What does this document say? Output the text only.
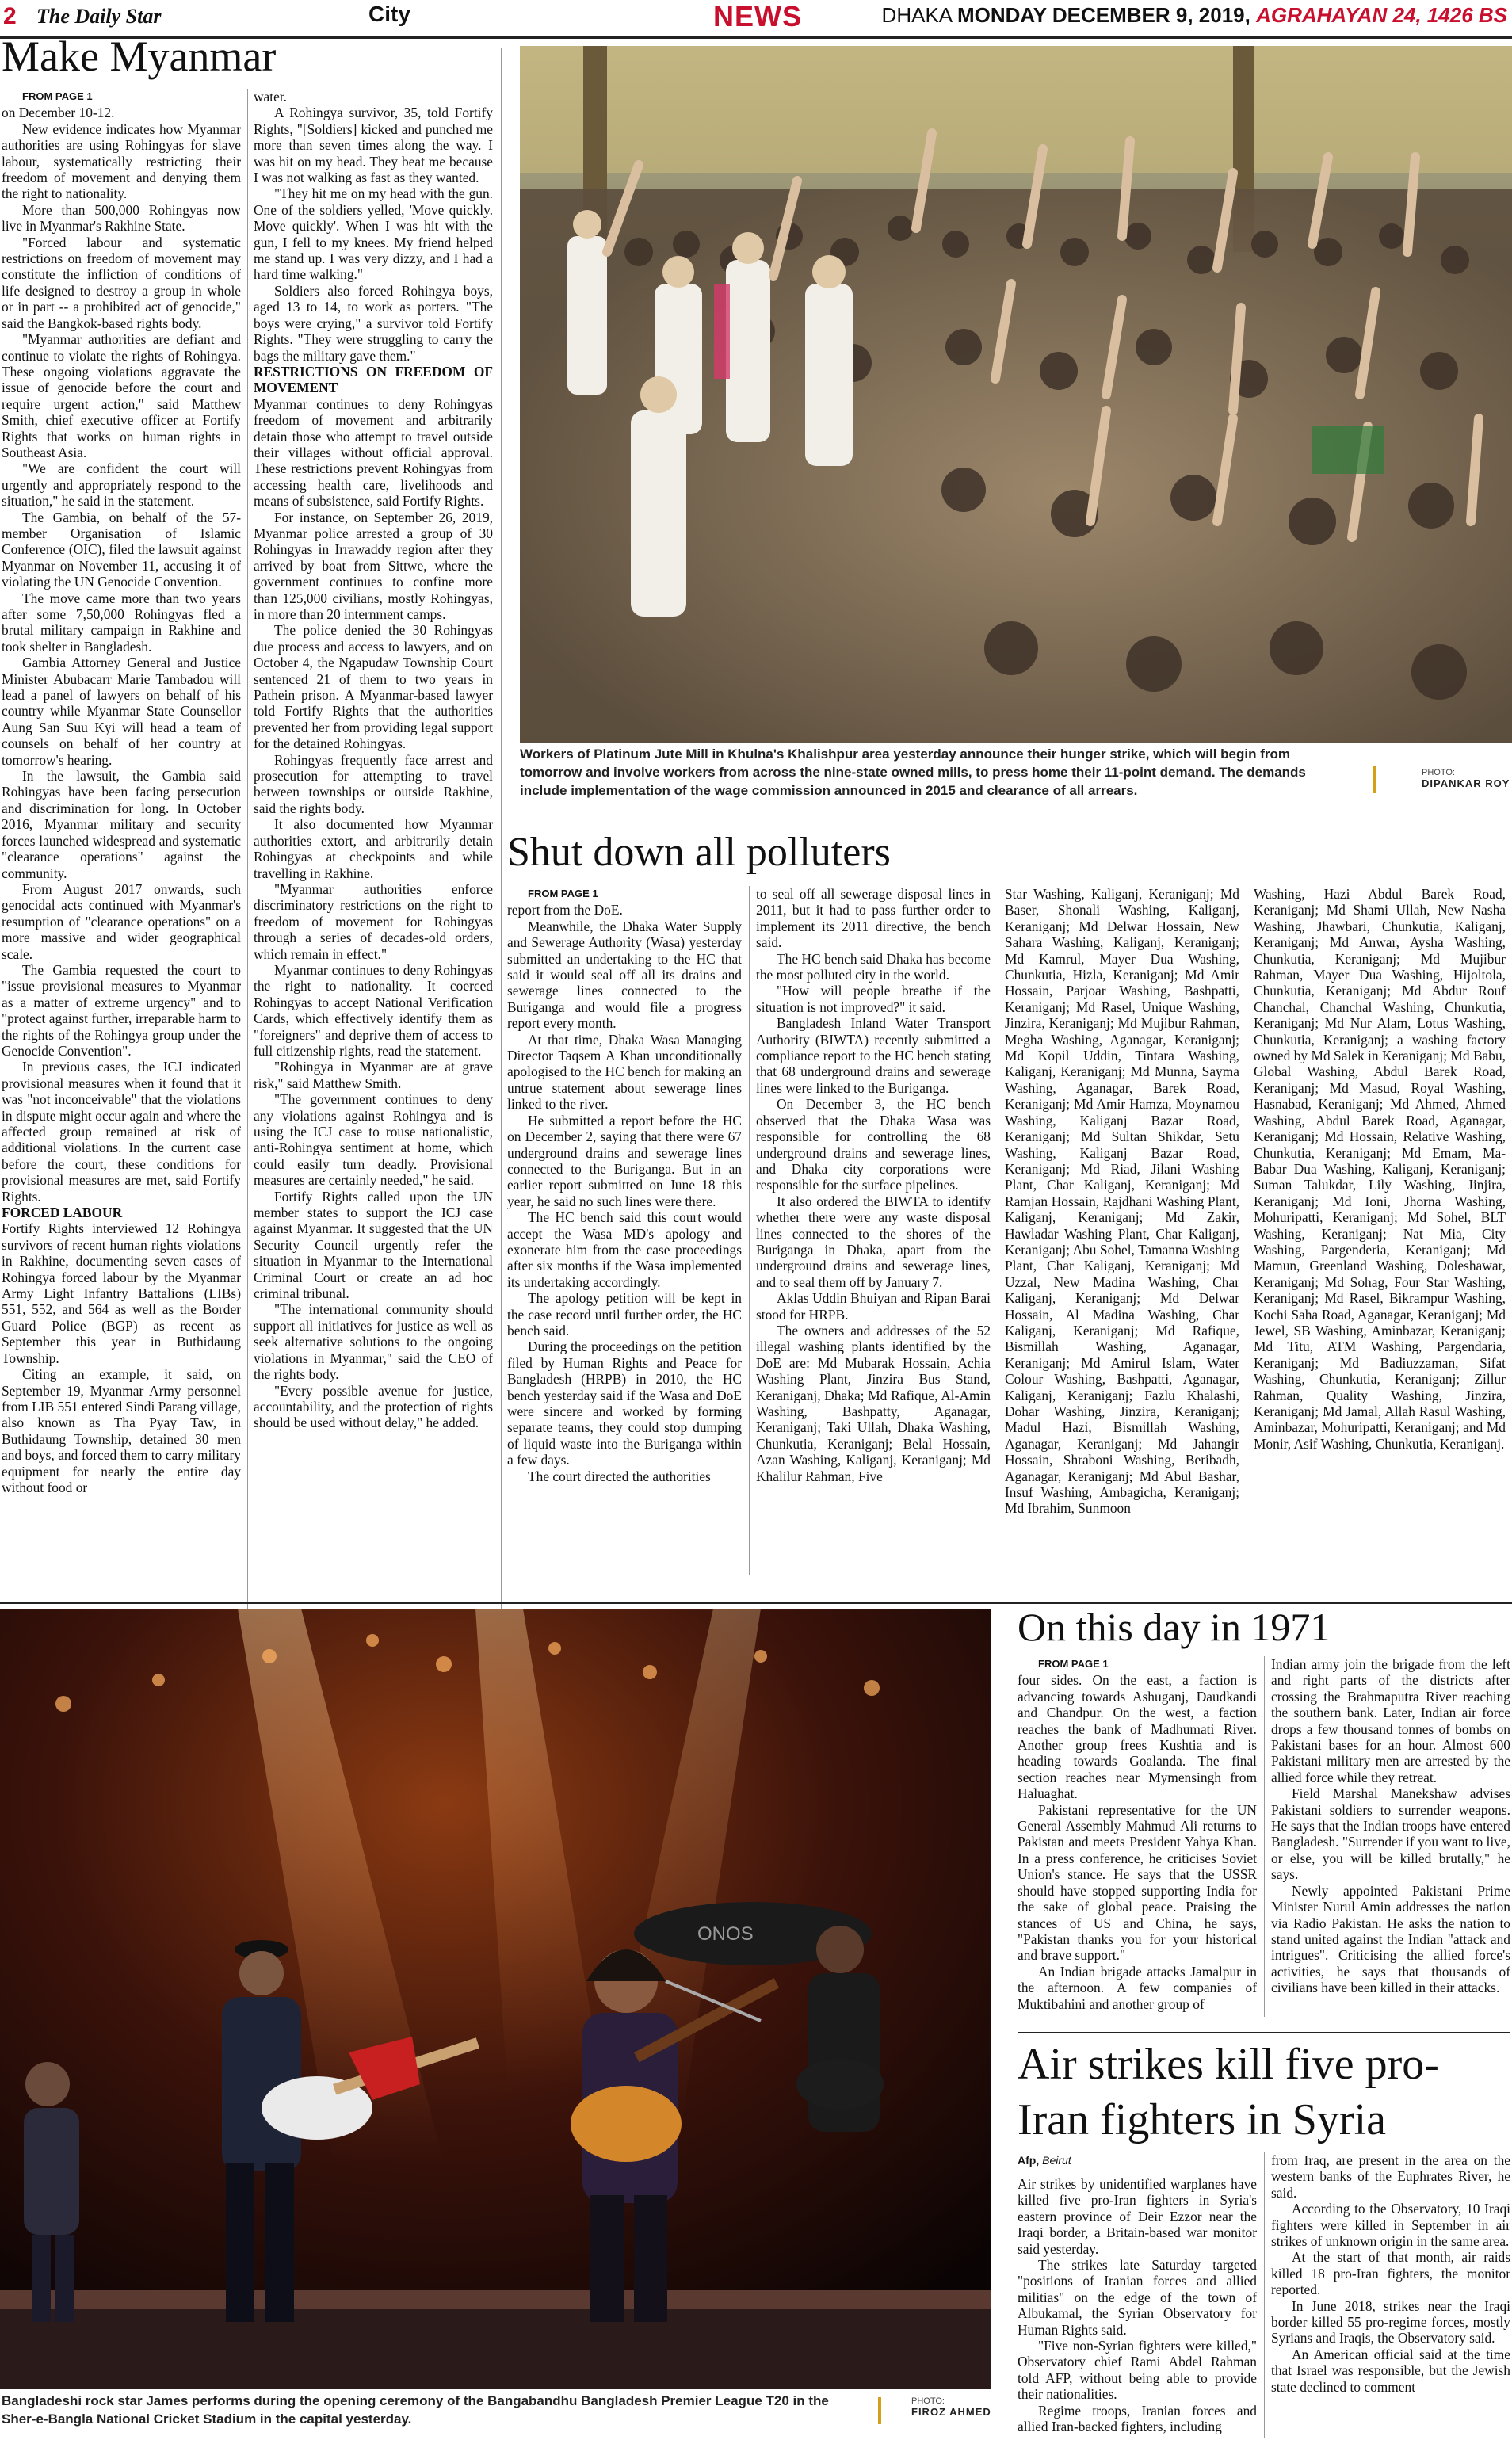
2 The Daily Star	City	NEWS	DHAKA MONDAY DECEMBER 9, 2019, AGRAHAYAN 24, 1426 BS
Make Myanmar

FROM PAGE 1

on December 10-12.

New evidence indicates how Myanmar authorities are using Rohingyas for slave labour, systematically restricting their freedom of movement and denying them the right to nationality.

More than 500,000 Rohingyas now live in Myanmar's Rakhine State.

"Forced labour and systematic restrictions on freedom of movement may constitute the infliction of conditions of life designed to destroy a group in whole or in part -- a prohibited act of genocide," said the Bangkok-based rights body.

"Myanmar authorities are defiant and continue to violate the rights of Rohingya. These ongoing violations aggravate the issue of genocide before the court and require urgent action," said Matthew Smith, chief executive officer at Fortify Rights that works on human rights in Southeast Asia.

"We are confident the court will urgently and appropriately respond to the situation," he said in the statement.

The Gambia, on behalf of the 57-member Organisation of Islamic Conference (OIC), filed the lawsuit against Myanmar on November 11, accusing it of violating the UN Genocide Convention.

The move came more than two years after some 7,50,000 Rohingyas fled a brutal military campaign in Rakhine and took shelter in Bangladesh.

Gambia Attorney General and Justice Minister Abubacarr Marie Tambadou will lead a panel of lawyers on behalf of his country while Myanmar State Counsellor Aung San Suu Kyi will head a team of counsels on behalf of her country at tomorrow's hearing.

In the lawsuit, the Gambia said Rohingyas have been facing persecution and discrimination for long. In October 2016, Myanmar military and security forces launched widespread and systematic "clearance operations" against the community.

From August 2017 onwards, such genocidal acts continued with Myanmar's resumption of "clearance operations" on a more massive and wider geographical scale.

The Gambia requested the court to "issue provisional measures to Myanmar as a matter of extreme urgency" and to "protect against further, irreparable harm to the rights of the Rohingya group under the Genocide Convention".

In previous cases, the ICJ indicated provisional measures when it found that it was "not inconceivable" that the violations in dispute might occur again and where the affected group remained at risk of additional violations. In the current case before the court, these conditions for provisional measures are met, said Fortify Rights.

FORCED LABOUR

Fortify Rights interviewed 12 Rohingya survivors of recent human rights violations in Rakhine, documenting seven cases of Rohingya forced labour by the Myanmar Army Light Infantry Battalions (LIBs) 551, 552, and 564 as well as the Border Guard Police (BGP) as recent as September this year in Buthidaung Township.

Citing an example, it said, on September 19, Myanmar Army personnel from LIB 551 entered Sindi Parang village, also known as Tha Pyay Taw, in Buthidaung Township, detained 30 men and boys, and forced them to carry military equipment for nearly the entire day without food or

water.

A Rohingya survivor, 35, told Fortify Rights, "[Soldiers] kicked and punched me more than seven times along the way. I was hit on my head. They beat me because I was not walking as fast as they wanted.

"They hit me on my head with the gun. One of the soldiers yelled, 'Move quickly. Move quickly'. When I was hit with the gun, I fell to my knees. My friend helped me stand up. I was very dizzy, and I had a hard time walking."

Soldiers also forced Rohingya boys, aged 13 to 14, to work as porters. "The boys were crying," a survivor told Fortify Rights. "They were struggling to carry the bags the military gave them."

RESTRICTIONS ON FREEDOM OF MOVEMENT

Myanmar continues to deny Rohingyas freedom of movement and arbitrarily detain those who attempt to travel outside their villages without official approval. These restrictions prevent Rohingyas from accessing health care, livelihoods and means of subsistence, said Fortify Rights.

For instance, on September 26, 2019, Myanmar police arrested a group of 30 Rohingyas in Irrawaddy region after they arrived by boat from Sittwe, where the government continues to confine more than 125,000 civilians, mostly Rohingyas, in more than 20 internment camps.

The police denied the 30 Rohingyas due process and access to lawyers, and on October 4, the Ngapudaw Township Court sentenced 21 of them to two years in Pathein prison. A Myanmar-based lawyer told Fortify Rights that the authorities prevented her from providing legal support for the detained Rohingyas.

Rohingyas frequently face arrest and prosecution for attempting to travel between townships or outside Rakhine, said the rights body.

It also documented how Myanmar authorities extort, and arbitrarily detain Rohingyas at checkpoints and while travelling in Rakhine.

"Myanmar authorities enforce discriminatory restrictions on the right to freedom of movement for Rohingyas through a series of decades-old orders, which remain in effect."

Myanmar continues to deny Rohingyas the right to nationality. It coerced Rohingyas to accept National Verification Cards, which effectively identify them as "foreigners" and deprive them of access to full citizenship rights, read the statement.

"Rohingya in Myanmar are at grave risk," said Matthew Smith.

"The government continues to deny any violations against Rohingya and is using the ICJ case to rouse nationalistic, anti-Rohingya sentiment at home, which could easily turn deadly. Provisional measures are certainly needed," he said.

Fortify Rights called upon the UN member states to support the ICJ case against Myanmar. It suggested that the UN Security Council urgently refer the situation in Myanmar to the International Criminal Court or create an ad hoc criminal tribunal.

"The international community should support all initiatives for justice as well as seek alternative solutions to the ongoing violations in Myanmar," said the CEO of the rights body.

"Every possible avenue for justice, accountability, and the protection of rights should be used without delay," he added.

Workers of Platinum Jute Mill in Khulna's Khalishpur area yesterday announce their hunger strike, which will begin from tomorrow and involve workers from across the nine-state owned mills, to press home their 11-point demand. The demands include implementation of the wage commission announced in 2015 and clearance of all arrears.
PHOTO:
DIPANKAR ROY
Shut down all polluters

FROM PAGE 1

report from the DoE.

Meanwhile, the Dhaka Water Supply and Sewerage Authority (Wasa) yesterday submitted an undertaking to the HC that said it would seal off all its drains and sewerage lines connected to the Buriganga and would file a progress report every month.

At that time, Dhaka Wasa Managing Director Taqsem A Khan unconditionally apologised to the HC bench for making an untrue statement about sewerage lines linked to the river.

He submitted a report before the HC on December 2, saying that there were 67 underground drains and sewerage lines connected to the Buriganga. But in an earlier report submitted on June 18 this year, he said no such lines were there.

The HC bench said this court would accept the Wasa MD's apology and exonerate him from the case proceedings after six months if the Wasa implemented its undertaking accordingly.

The apology petition will be kept in the case record until further order, the HC bench said.

During the proceedings on the petition filed by Human Rights and Peace for Bangladesh (HRPB) in 2010, the HC bench yesterday said if the Wasa and DoE were sincere and worked by forming separate teams, they could stop dumping of liquid waste into the Buriganga within a few days.

The court directed the authorities

to seal off all sewerage disposal lines in 2011, but it had to pass further order to implement its 2011 directive, the bench said.

The HC bench said Dhaka has become the most polluted city in the world.

"How will people breathe if the situation is not improved?" it said.

Bangladesh Inland Water Transport Authority (BIWTA) recently submitted a compliance report to the HC bench stating that 68 underground drains and sewerage lines were linked to the Buriganga.

On December 3, the HC bench observed that the Dhaka Wasa was responsible for controlling the 68 underground drains and sewerage lines, and Dhaka city corporations were responsible for the surface pipelines.

It also ordered the BIWTA to identify whether there were any waste disposal lines connected to the shores of the Buriganga in Dhaka, apart from the underground drains and sewerage lines, and to seal them off by January 7.

Aklas Uddin Bhuiyan and Ripan Barai stood for HRPB.

The owners and addresses of the 52 illegal washing plants identified by the DoE are: Md Mubarak Hossain, Achia Washing Plant, Jinzira Bus Stand, Keraniganj, Dhaka; Md Rafique, Al-Amin Washing, Bashpatty, Aganagar, Keraniganj; Taki Ullah, Dhaka Washing, Chunkutia, Keraniganj; Belal Hossain, Azan Washing, Kaliganj, Keraniganj; Md Khalilur Rahman, Five

Star Washing, Kaliganj, Keraniganj; Md Baser, Shonali Washing, Kaliganj, Keraniganj; Md Delwar Hossain, New Sahara Washing, Kaliganj, Keraniganj; Md Kamrul, Mayer Dua Washing, Chunkutia, Hizla, Keraniganj; Md Amir Hossain, Parjoar Washing, Bashpatti, Keraniganj; Md Rasel, Unique Washing, Jinzira, Keraniganj; Md Mujibur Rahman, Megha Washing, Aganagar, Keraniganj; Md Kopil Uddin, Tintara Washing, Kaliganj, Keraniganj; Md Munna, Sayma Washing, Aganagar, Barek Road, Keraniganj; Md Amir Hamza, Moynamou Washing, Kaliganj Bazar Road, Keraniganj; Md Sultan Shikdar, Setu Washing, Kaliganj Bazar Road, Keraniganj; Md Riad, Jilani Washing Plant, Char Kaliganj, Keraniganj; Md Ramjan Hossain, Rajdhani Washing Plant, Kaliganj, Keraniganj; Md Zakir, Hawladar Washing Plant, Char Kaliganj, Keraniganj; Abu Sohel, Tamanna Washing Plant, Char Kaliganj, Keraniganj; Md Uzzal, New Madina Washing, Char Kaliganj, Keraniganj; Md Delwar Hossain, Al Madina Washing, Char Kaliganj, Keraniganj; Md Rafique, Bismillah Washing, Aganagar, Keraniganj; Md Amirul Islam, Water Colour Washing, Bashpatti, Aganagar, Kaliganj, Keraniganj; Fazlu Khalashi, Dohar Washing, Jinzira, Keraniganj; Madul Hazi, Bismillah Washing, Aganagar, Keraniganj; Md Jahangir Hossain, Shraboni Washing, Beribadh, Aganagar, Keraniganj; Md Abul Bashar, Insuf Washing, Ambagicha, Keraniganj; Md Ibrahim, Sunmoon

Washing, Hazi Abdul Barek Road, Keraniganj; Md Shami Ullah, New Nasha Washing, Jhawbari, Chunkutia, Kaliganj, Keraniganj; Md Anwar, Aysha Washing, Chunkutia, Keraniganj; Md Mujibur Rahman, Mayer Dua Washing, Hijoltola, Chunkutia, Keraniganj; Md Abdur Rouf Chanchal, Chanchal Washing, Chunkutia, Keraniganj; Md Nur Alam, Lotus Washing, Chunkutia, Keraniganj; a washing factory owned by Md Salek in Keraniganj; Md Babu, Global Washing, Abdul Barek Road, Keraniganj; Md Masud, Royal Washing, Hasnabad, Keraniganj; Md Ahmed, Ahmed Washing, Abdul Barek Road, Aganagar, Keraniganj; Md Hossain, Relative Washing, Chunkutia, Keraniganj; Md Emam, Ma-Babar Dua Washing, Kaliganj, Keraniganj; Suman Talukdar, Lily Washing, Jinjira, Keraniganj; Md Ioni, Jhorna Washing, Mohuripatti, Keraniganj; Md Sohel, BLT Washing, Keraniganj; Nat Mia, City Washing, Pargenderia, Keraniganj; Md Mamun, Greenland Washing, Doleshawar, Keraniganj; Md Sohag, Four Star Washing, Keraniganj; Md Rasel, Bikrampur Washing, Kochi Saha Road, Aganagar, Keraniganj; Md Jewel, SB Washing, Aminbazar, Keraniganj; Md Titu, ATM Washing, Pargendaria, Keraniganj; Md Badiuzzaman, Sifat Washing, Chunkutia, Keraniganj; Zillur Rahman, Quality Washing, Jinzira, Keraniganj; Md Jamal, Allah Rasul Washing, Aminbazar, Mohuripatti, Keraniganj; and Md Monir, Asif Washing, Chunkutia, Keraniganj.

ONOS
Bangladeshi rock star James performs during the opening ceremony of the Bangabandhu Bangladesh Premier League T20 in the Sher-e-Bangla National Cricket Stadium in the capital yesterday.
PHOTO:
FIROZ AHMED
On this day in 1971

FROM PAGE 1

four sides. On the east, a faction is advancing towards Ashuganj, Daudkandi and Chandpur. On the west, a faction reaches the bank of Madhumati River. Another group frees Kushtia and is heading towards Goalanda. The final section reaches near Mymensingh from Haluaghat.

Pakistani representative for the UN General Assembly Mahmud Ali returns to Pakistan and meets President Yahya Khan. In a press conference, he criticises Soviet Union's stance. He says that the USSR should have stopped supporting India for the sake of global peace. Praising the stances of US and China, he says, "Pakistan thanks you for your historical and brave support."

An Indian brigade attacks Jamalpur in the afternoon. A few companies of Muktibahini and another group of

Indian army join the brigade from the left and right parts of the districts after crossing the Brahmaputra River reaching the southern bank. Later, Indian air force drops a few thousand tonnes of bombs on Pakistani bases for an hour. Almost 600 Pakistani military men are arrested by the allied force while they retreat.

Field Marshal Manekshaw advises Pakistani soldiers to surrender weapons. He says that the Indian troops have entered Bangladesh. "Surrender if you want to live, or else, you will be killed brutally," he says.

Newly appointed Pakistani Prime Minister Nurul Amin addresses the nation via Radio Pakistan. He asks the nation to stand united against the Indian "attack and intrigues". Criticising the allied force's activities, he says that thousands of civilians have been killed in their attacks.

Air strikes kill five pro-
Iran fighters in Syria
Afp, Beirut

Air strikes by unidentified warplanes have killed five pro-Iran fighters in Syria's eastern province of Deir Ezzor near the Iraqi border, a Britain-based war monitor said yesterday.

The strikes late Saturday targeted "positions of Iranian forces and allied militias" on the edge of the town of Albukamal, the Syrian Observatory for Human Rights said.

"Five non-Syrian fighters were killed," Observatory chief Rami Abdel Rahman told AFP, without being able to provide their nationalities.

Regime troops, Iranian forces and allied Iran-backed fighters, including

from Iraq, are present in the area on the western banks of the Euphrates River, he said.

According to the Observatory, 10 Iraqi fighters were killed in September in air strikes of unknown origin in the same area.

At the start of that month, air raids killed 18 pro-Iran fighters, the monitor reported.

In June 2018, strikes near the Iraqi border killed 55 pro-regime forces, mostly Syrians and Iraqis, the Observatory said.

An American official said at the time that Israel was responsible, but the Jewish state declined to comment
